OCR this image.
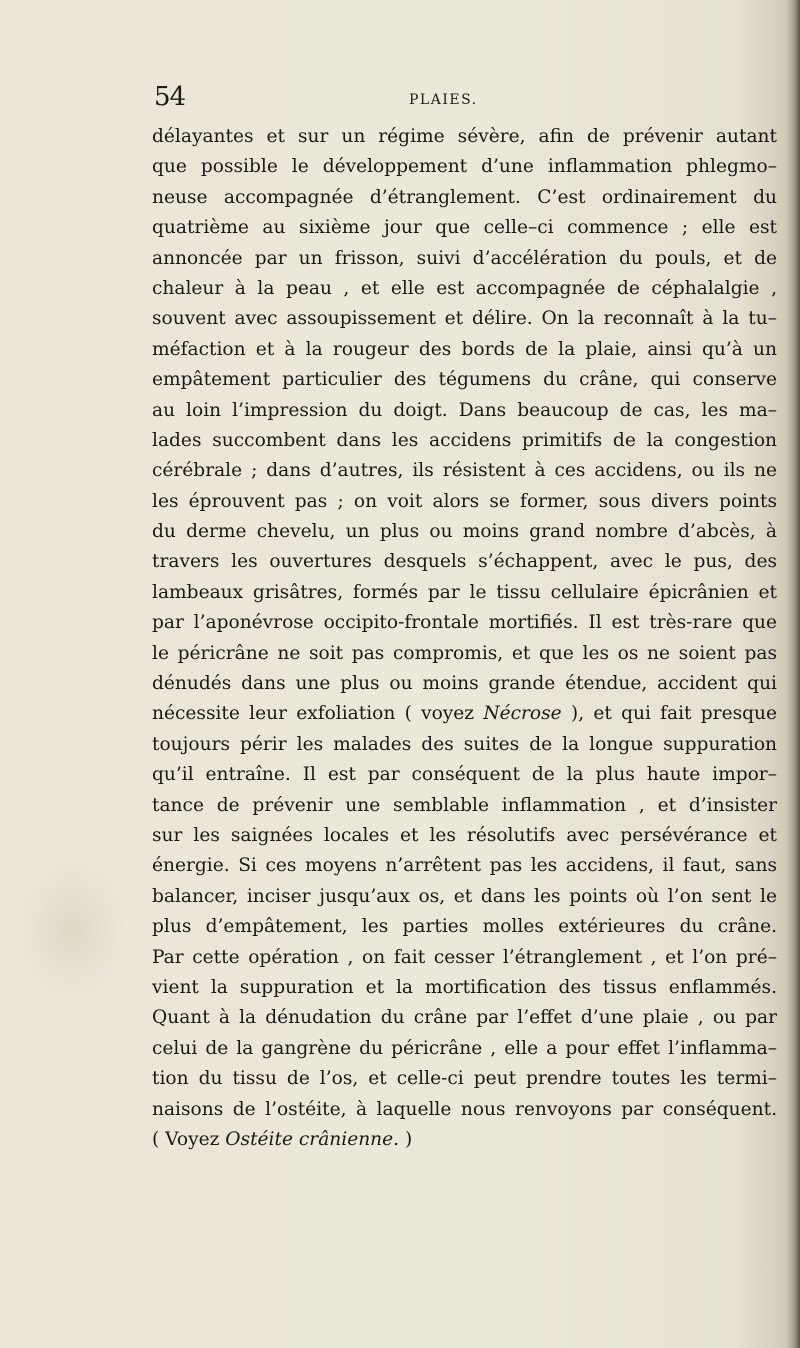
54	PLAIES.
délayantes et sur un régime sévère, afin de prévenir autant
que possible le développement d’une inflammation phlegmo–
neuse accompagnée d’étranglement. C’est ordinairement du
quatrième au sixième jour que celle–ci commence ; elle est
annoncée par un frisson, suivi d’accélération du pouls, et de
chaleur à la peau , et elle est accompagnée de céphalalgie ,
souvent avec assoupissement et délire. On la reconnaît à la tu–
méfaction et à la rougeur des bords de la plaie, ainsi qu’à un
empâtement particulier des tégumens du crâne, qui conserve
au loin l’impression du doigt. Dans beaucoup de cas, les ma–
lades succombent dans les accidens primitifs de la congestion
cérébrale ; dans d’autres, ils résistent à ces accidens, ou ils ne
les éprouvent pas ; on voit alors se former, sous divers points
du derme chevelu, un plus ou moins grand nombre d’abcès, à
travers les ouvertures desquels s’échappent, avec le pus, des
lambeaux grisâtres, formés par le tissu cellulaire épicrânien et
par l’aponévrose occipito-frontale mortifiés. Il est très-rare que
le péricrâne ne soit pas compromis, et que les os ne soient pas
dénudés dans une plus ou moins grande étendue, accident qui
nécessite leur exfoliation ( voyez Nécrose ), et qui fait presque
toujours périr les malades des suites de la longue suppuration
qu’il entraîne. Il est par conséquent de la plus haute impor–
tance de prévenir une semblable inflammation , et d’insister
sur les saignées locales et les résolutifs avec persévérance et
énergie. Si ces moyens n’arrêtent pas les accidens, il faut, sans
balancer, inciser jusqu’aux os, et dans les points où l’on sent le
plus d’empâtement, les parties molles extérieures du crâne.
Par cette opération , on fait cesser l’étranglement , et l’on pré–
vient la suppuration et la mortification des tissus enflammés.
Quant à la dénudation du crâne par l’effet d’une plaie , ou par
celui de la gangrène du péricrâne , elle a pour effet l’inflamma–
tion du tissu de l’os, et celle-ci peut prendre toutes les termi–
naisons de l’ostéite, à laquelle nous renvoyons par conséquent.
( Voyez Ostéite crânienne. )
